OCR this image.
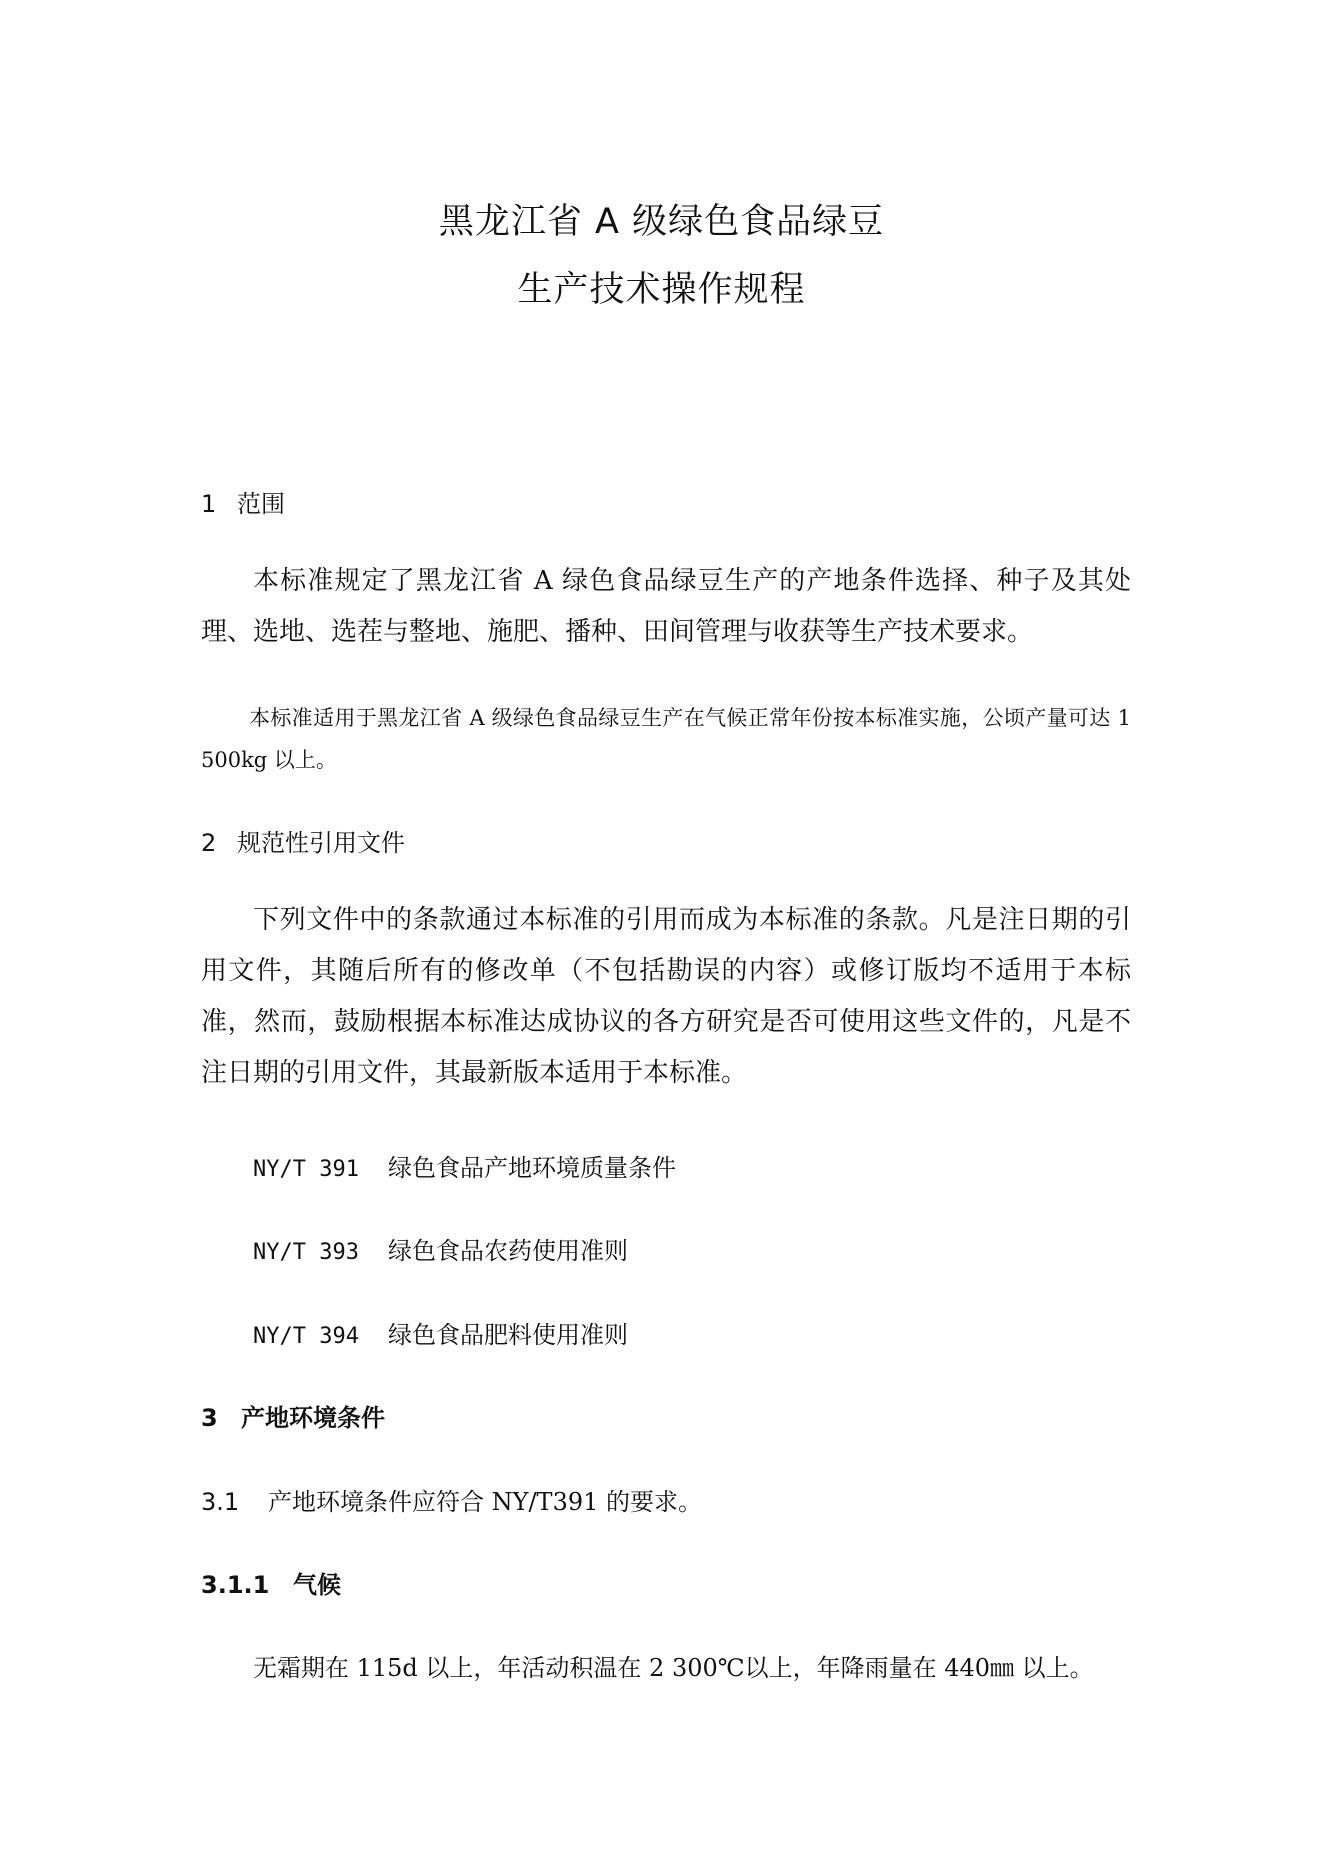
黑龙江省 A 级绿色食品绿豆
生产技术操作规程
1 范围

本标准规定了黑龙江省 A 绿色食品绿豆生产的产地条件选择、种子及其处理、选地、选茬与整地、施肥、播种、田间管理与收获等生产技术要求。

本标准适用于黑龙江省 A 级绿色食品绿豆生产在气候正常年份按本标准实施，公顷产量可达 1 500kg 以上。

2 规范性引用文件

下列文件中的条款通过本标准的引用而成为本标准的条款。凡是注日期的引用文件，其随后所有的修改单（不包括勘误的内容）或修订版均不适用于本标准，然而，鼓励根据本标准达成协议的各方研究是否可使用这些文件的，凡是不注日期的引用文件，其最新版本适用于本标准。

NY/T 391 绿色食品产地环境质量条件
NY/T 393 绿色食品农药使用准则
NY/T 394 绿色食品肥料使用准则
3 产地环境条件
3.1 产地环境条件应符合 NY/T391 的要求。
3.1.1 气候
无霜期在 115d 以上，年活动积温在 2 300℃以上，年降雨量在 440㎜ 以上。
